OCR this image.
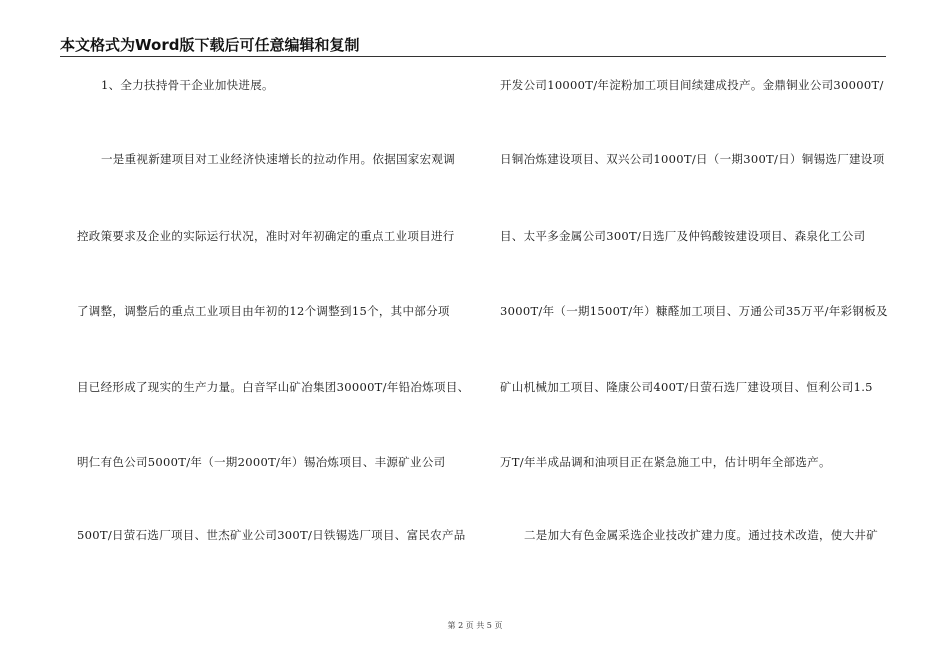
本文格式为Word版下载后可任意编辑和复制
1、全力扶持骨干企业加快进展。
一是重视新建项目对工业经济快速增长的拉动作用。依据国家宏观调
控政策要求及企业的实际运行状况，准时对年初确定的重点工业项目进行
了调整，调整后的重点工业项目由年初的12个调整到15个，其中部分项
目已经形成了现实的生产力量。白音罕山矿冶集团30000T/年铅冶炼项目、
明仁有色公司5000T/年（一期2000T/年）锡冶炼项目、丰源矿业公司
500T/日萤石选厂项目、世杰矿业公司300T/日铁锡选厂项目、富民农产品
开发公司10000T/年淀粉加工项目间续建成投产。金鼎铜业公司30000T/
日铜冶炼建设项目、双兴公司1000T/日（一期300T/日）铜锡选厂建设项
目、太平多金属公司300T/日选厂及仲钨酸铵建设项目、森泉化工公司
3000T/年（一期1500T/年）糠醛加工项目、万通公司35万平/年彩钢板及
矿山机械加工项目、隆康公司400T/日萤石选厂建设项目、恒利公司1.5
万T/年半成品调和油项目正在紧急施工中，估计明年全部选产。
二是加大有色金属采选企业技改扩建力度。通过技术改造，使大井矿
第 2 页 共 5 页
